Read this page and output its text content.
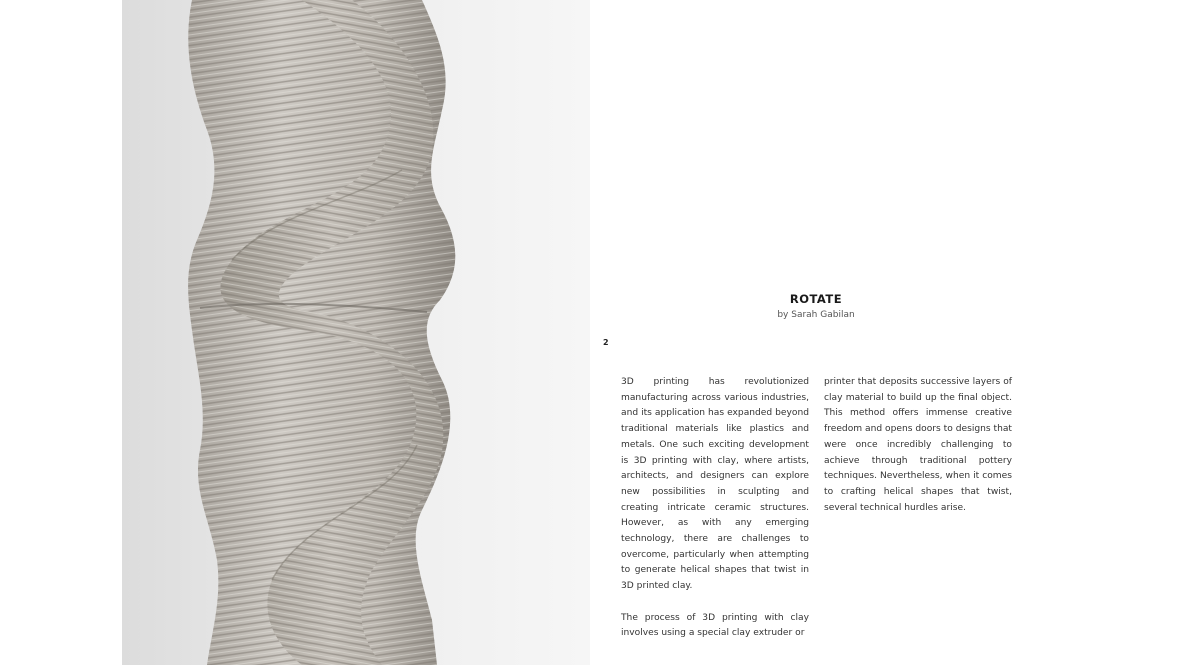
2
ROTATE
by Sarah Gabilan

3D printing has revolutionized manufacturing across various industries, and its application has expanded beyond traditional materials like plastics and metals. One such exciting development is 3D printing with clay, where artists, architects, and designers can explore new possibilities in sculpting and creating intricate ceramic structures. However, as with any emerging technology, there are challenges to overcome, particularly when attempting to generate helical shapes that twist in 3D printed clay.

The process of 3D printing with clay involves using a special clay extruder or

printer that deposits successive layers of clay material to build up the final object. This method offers immense creative freedom and opens doors to designs that were once incredibly challenging to achieve through traditional pottery techniques. Nevertheless, when it comes to crafting helical shapes that twist, several technical hurdles arise.
